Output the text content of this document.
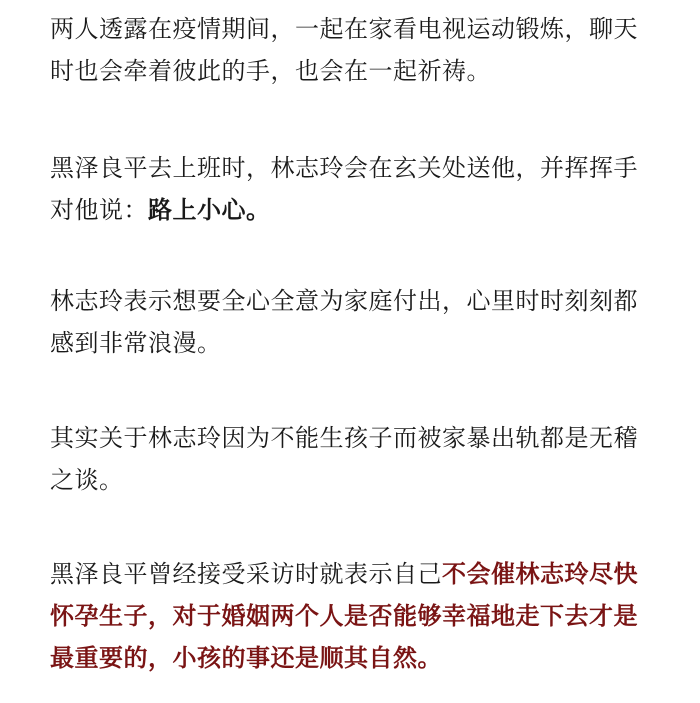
两人透露在疫情期间，一起在家看电视运动锻炼，聊天时也会牵着彼此的手，也会在一起祈祷。

黑泽良平去上班时，林志玲会在玄关处送他，并挥挥手对他说：路上小心。

林志玲表示想要全心全意为家庭付出，心里时时刻刻都感到非常浪漫。

其实关于林志玲因为不能生孩子而被家暴出轨都是无稽之谈。

黑泽良平曾经接受采访时就表示自己不会催林志玲尽快怀孕生子，对于婚姻两个人是否能够幸福地走下去才是最重要的，小孩的事还是顺其自然。
